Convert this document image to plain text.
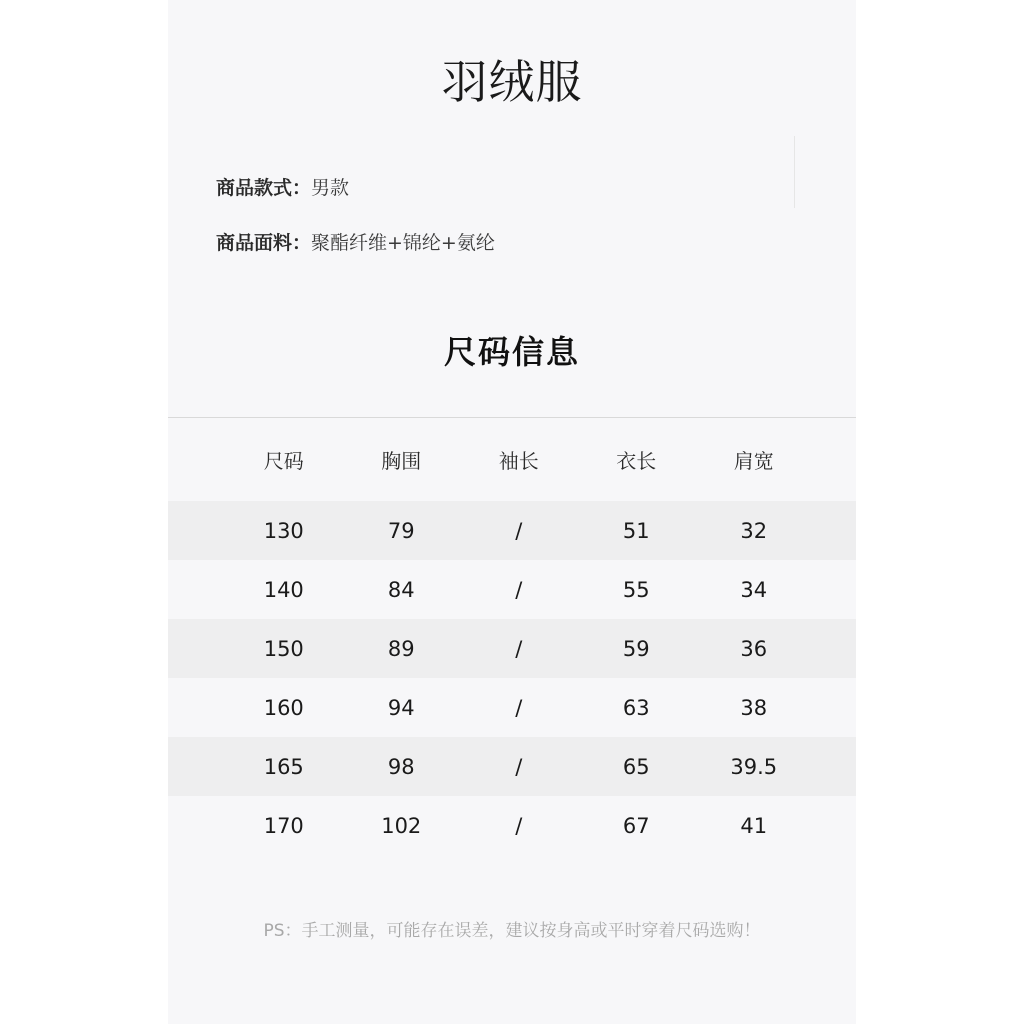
羽绒服
商品款式：男款
商品面料：聚酯纤维+锦纶+氨纶
尺码信息
尺码	胸围	袖长	衣长	肩宽
130	79	/	51	32
140	84	/	55	34
150	89	/	59	36
160	94	/	63	38
165	98	/	65	39.5
170	102	/	67	41
PS：手工测量，可能存在误差，建议按身高或平时穿着尺码选购！
